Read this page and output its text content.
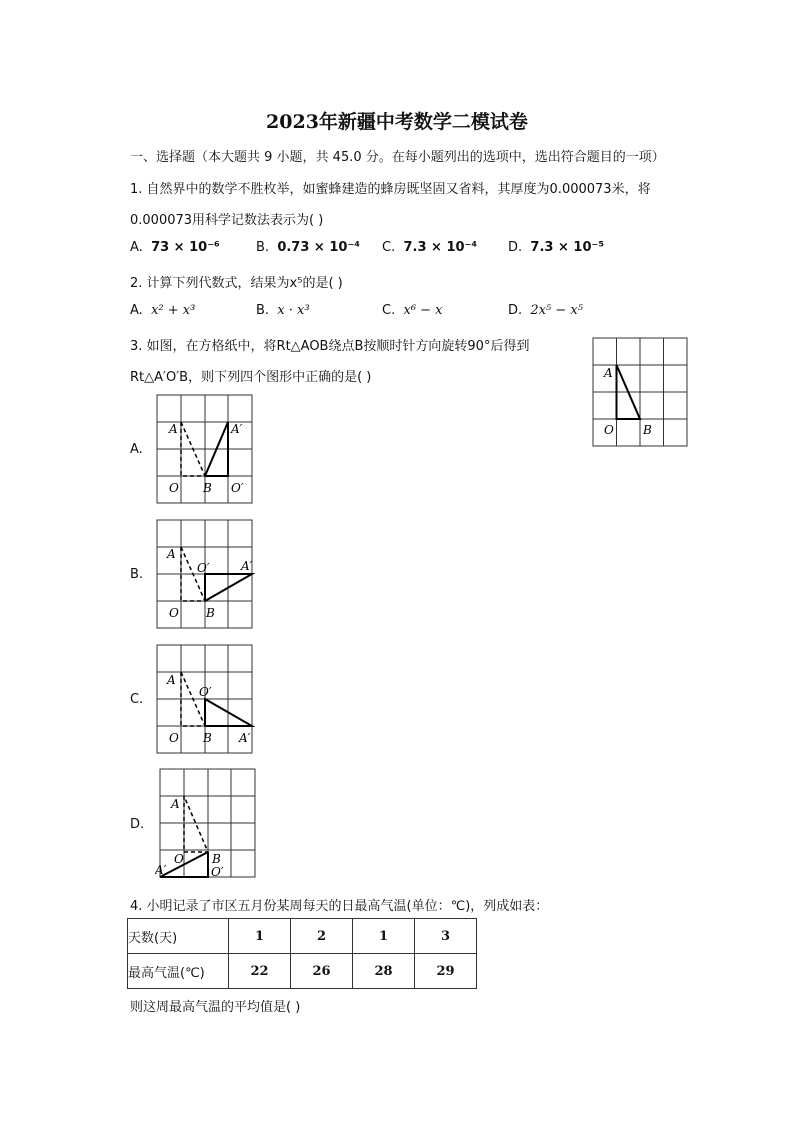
2023年新疆中考数学二模试卷
一、选择题（本大题共 9 小题，共 45.0 分。在每小题列出的选项中，选出符合题目的一项）
1. 自然界中的数学不胜枚举，如蜜蜂建造的蜂房既坚固又省料，其厚度为0.000073米，将
0.000073用科学记数法表示为( )
A. 73 × 10⁻⁶	B. 0.73 × 10⁻⁴ C. 7.3 × 10⁻⁴ D. 7.3 × 10⁻⁵
2. 计算下列代数式，结果为x⁵的是( )
A. x² + x³	B. x · x³	C. x⁶ − x	D. 2x⁵ − x⁵
3. 如图，在方格纸中，将Rt△AOB绕点B按顺时针方向旋转90°后得到
Rt△A′O′B，则下列四个图形中正确的是( )	A
O B
A.
A	A′
O B O′
B.
A
O′	A′
O B
C.
A
O′
O B A′
D.
A
O B
A′	O′
4. 小明记录了市区五月份某周每天的日最高气温(单位：℃)，列成如表：
天数(天)	1	2	1	3
最高气温(℃)	22	26	28	29
则这周最高气温的平均值是( )
